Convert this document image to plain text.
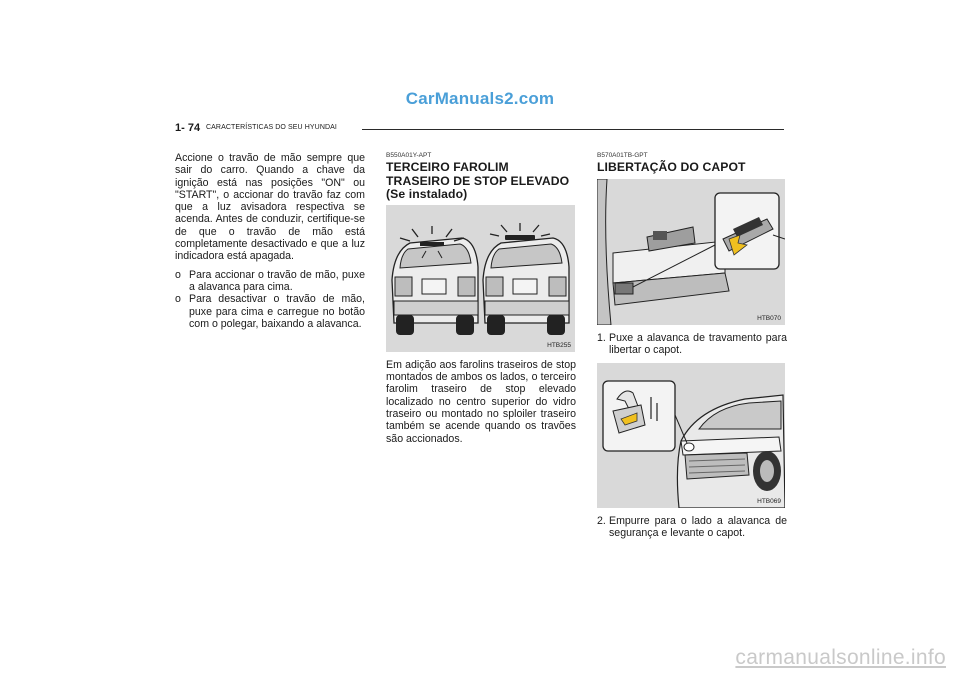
CarManuals2.com
1- 74 CARACTERÍSTICAS DO SEU HYUNDAI

Accione o travão de mão sempre que sair do carro. Quando a chave da ignição está nas posições "ON" ou "START", o accionar do travão faz com que a luz avisadora respectiva se acenda. Antes de conduzir, certifique-se de que o travão de mão está completamente desactivado e que a luz indicadora está apagada.

o Para accionar o travão de mão, puxe a alavanca para cima.
o Para desactivar o travão de mão, puxe para cima e carregue no botão com o polegar, baixando a alavanca.
B550A01Y-APT
TERCEIRO FAROLIM
TRASEIRO DE STOP ELEVADO
(Se instalado)
HTB255

Em adição aos farolins traseiros de stop montados de ambos os lados, o terceiro farolim traseiro de stop elevado localizado no centro superior do vidro traseiro ou montado no sploiler traseiro também se acende quando os travões são accionados.

B570A01TB-GPT
LIBERTAÇÃO DO CAPOT
HTB070
1. Puxe a alavanca de travamento para libertar o capot.
HTB069
2. Empurre para o lado a alavanca de segurança e levante o capot.
carmanualsonline.info
